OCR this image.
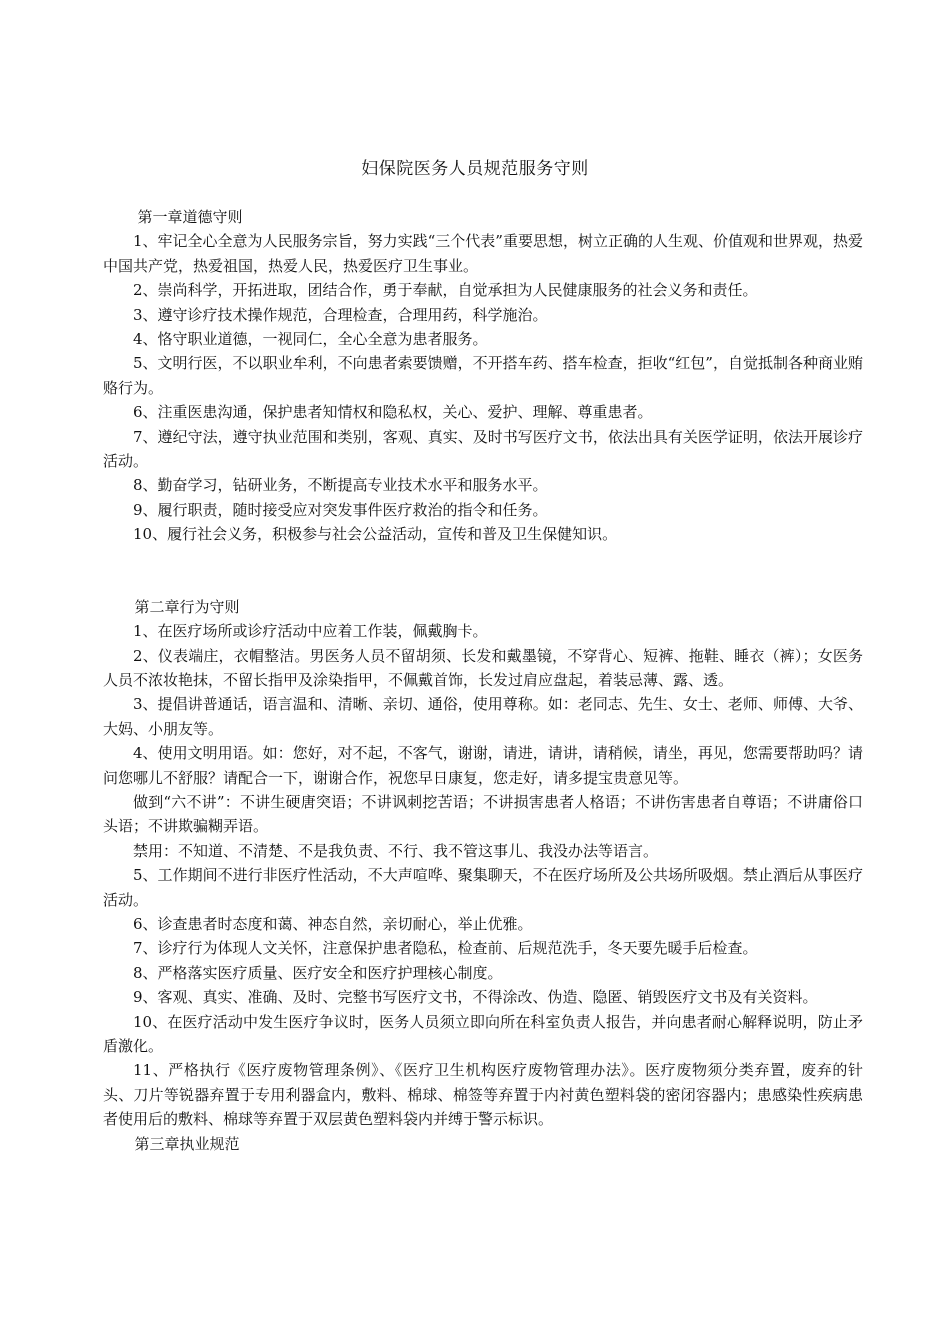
妇保院医务人员规范服务守则

第一章道德守则

1、牢记全心全意为人民服务宗旨，努力实践“三个代表”重要思想，树立正确的人生观、价值观和世界观，热爱中国共产党，热爱祖国，热爱人民，热爱医疗卫生事业。

2、崇尚科学，开拓进取，团结合作，勇于奉献，自觉承担为人民健康服务的社会义务和责任。

3、遵守诊疗技术操作规范，合理检查，合理用药，科学施治。

4、恪守职业道德，一视同仁，全心全意为患者服务。

5、文明行医，不以职业牟利，不向患者索要馈赠，不开搭车药、搭车检查，拒收“红包”，自觉抵制各种商业贿赂行为。

6、注重医患沟通，保护患者知情权和隐私权，关心、爱护、理解、尊重患者。

7、遵纪守法，遵守执业范围和类别，客观、真实、及时书写医疗文书，依法出具有关医学证明，依法开展诊疗活动。

8、勤奋学习，钻研业务，不断提高专业技术水平和服务水平。

9、履行职责，随时接受应对突发事件医疗救治的指令和任务。

10、履行社会义务，积极参与社会公益活动，宣传和普及卫生保健知识。

第二章行为守则

1、在医疗场所或诊疗活动中应着工作装，佩戴胸卡。

2、仪表端庄，衣帽整洁。男医务人员不留胡须、长发和戴墨镜，不穿背心、短裤、拖鞋、睡衣（裤）；女医务人员不浓妆艳抹，不留长指甲及涂染指甲，不佩戴首饰，长发过肩应盘起，着装忌薄、露、透。

3、提倡讲普通话，语言温和、清晰、亲切、通俗，使用尊称。如：老同志、先生、女士、老师、师傅、大爷、大妈、小朋友等。

4、使用文明用语。如：您好，对不起，不客气，谢谢，请进，请讲，请稍候，请坐，再见，您需要帮助吗？请问您哪儿不舒服？请配合一下，谢谢合作，祝您早日康复，您走好，请多提宝贵意见等。

做到“六不讲”：不讲生硬唐突语；不讲讽刺挖苦语；不讲损害患者人格语；不讲伤害患者自尊语；不讲庸俗口头语；不讲欺骗糊弄语。

禁用：不知道、不清楚、不是我负责、不行、我不管这事儿、我没办法等语言。

5、工作期间不进行非医疗性活动，不大声喧哗、聚集聊天，不在医疗场所及公共场所吸烟。禁止酒后从事医疗活动。

6、诊查患者时态度和蔼、神态自然，亲切耐心，举止优雅。

7、诊疗行为体现人文关怀，注意保护患者隐私，检查前、后规范洗手，冬天要先暖手后检查。

8、严格落实医疗质量、医疗安全和医疗护理核心制度。

9、客观、真实、准确、及时、完整书写医疗文书，不得涂改、伪造、隐匿、销毁医疗文书及有关资料。

10、在医疗活动中发生医疗争议时，医务人员须立即向所在科室负责人报告，并向患者耐心解释说明，防止矛盾激化。

11、严格执行《医疗废物管理条例》、《医疗卫生机构医疗废物管理办法》。医疗废物须分类弃置，废弃的针头、刀片等锐器弃置于专用利器盒内，敷料、棉球、棉签等弃置于内衬黄色塑料袋的密闭容器内；患感染性疾病患者使用后的敷料、棉球等弃置于双层黄色塑料袋内并缚于警示标识。

第三章执业规范
